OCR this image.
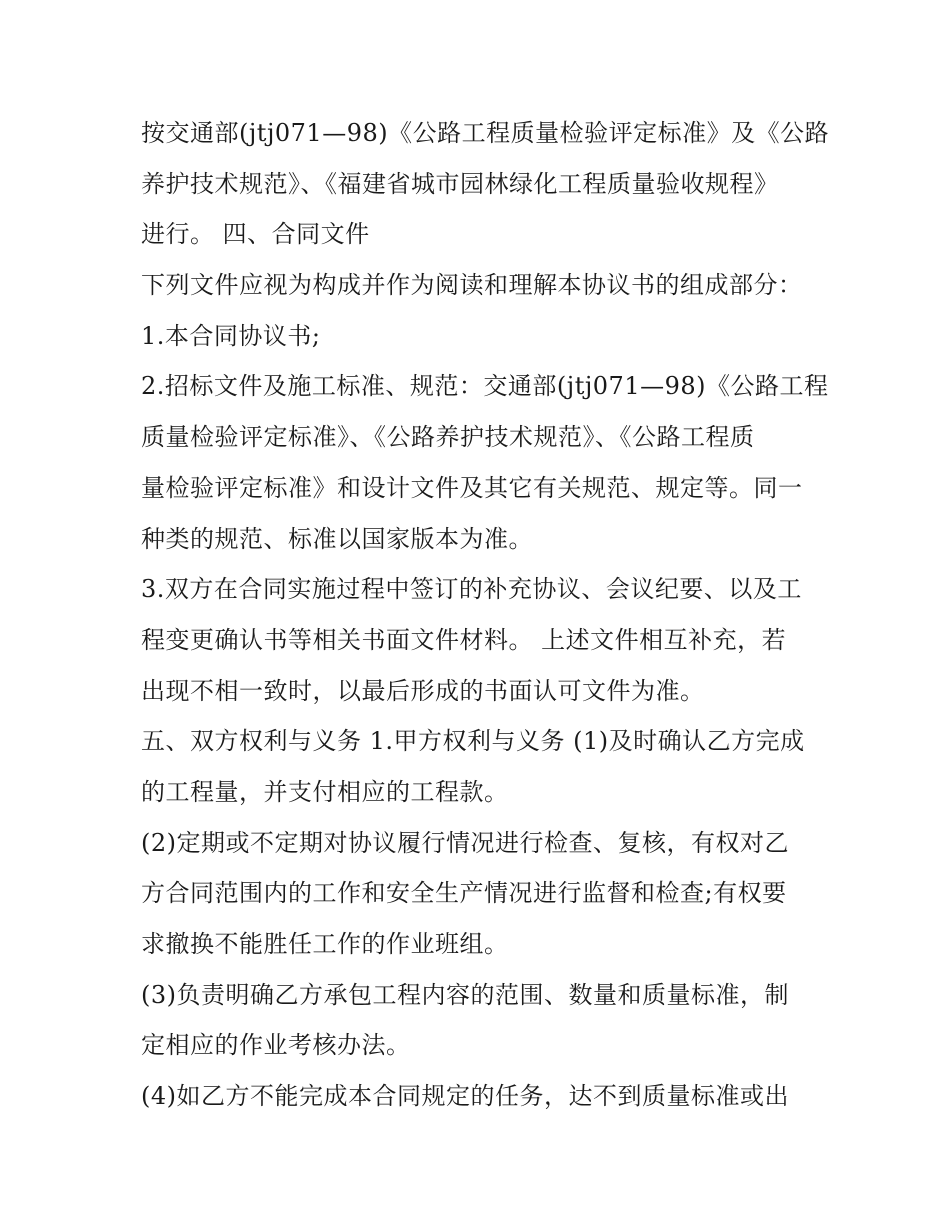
按交通部(jtj071—98)《公路工程质量检验评定标准》及《公路
养护技术规范》、《福建省城市园林绿化工程质量验收规程》
进行。 四、合同文件
下列文件应视为构成并作为阅读和理解本协议书的组成部分：
1.本合同协议书;
2.招标文件及施工标准、规范：交通部(jtj071—98)《公路工程
质量检验评定标准》、《公路养护技术规范》、《公路工程质
量检验评定标准》和设计文件及其它有关规范、规定等。同一
种类的规范、标准以国家版本为准。
3.双方在合同实施过程中签订的补充协议、会议纪要、以及工
程变更确认书等相关书面文件材料。 上述文件相互补充，若
出现不相一致时，以最后形成的书面认可文件为准。
五、双方权利与义务 1.甲方权利与义务 (1)及时确认乙方完成
的工程量，并支付相应的工程款。
(2)定期或不定期对协议履行情况进行检查、复核，有权对乙
方合同范围内的工作和安全生产情况进行监督和检查;有权要
求撤换不能胜任工作的作业班组。
(3)负责明确乙方承包工程内容的范围、数量和质量标准，制
定相应的作业考核办法。
(4)如乙方不能完成本合同规定的任务，达不到质量标准或出
